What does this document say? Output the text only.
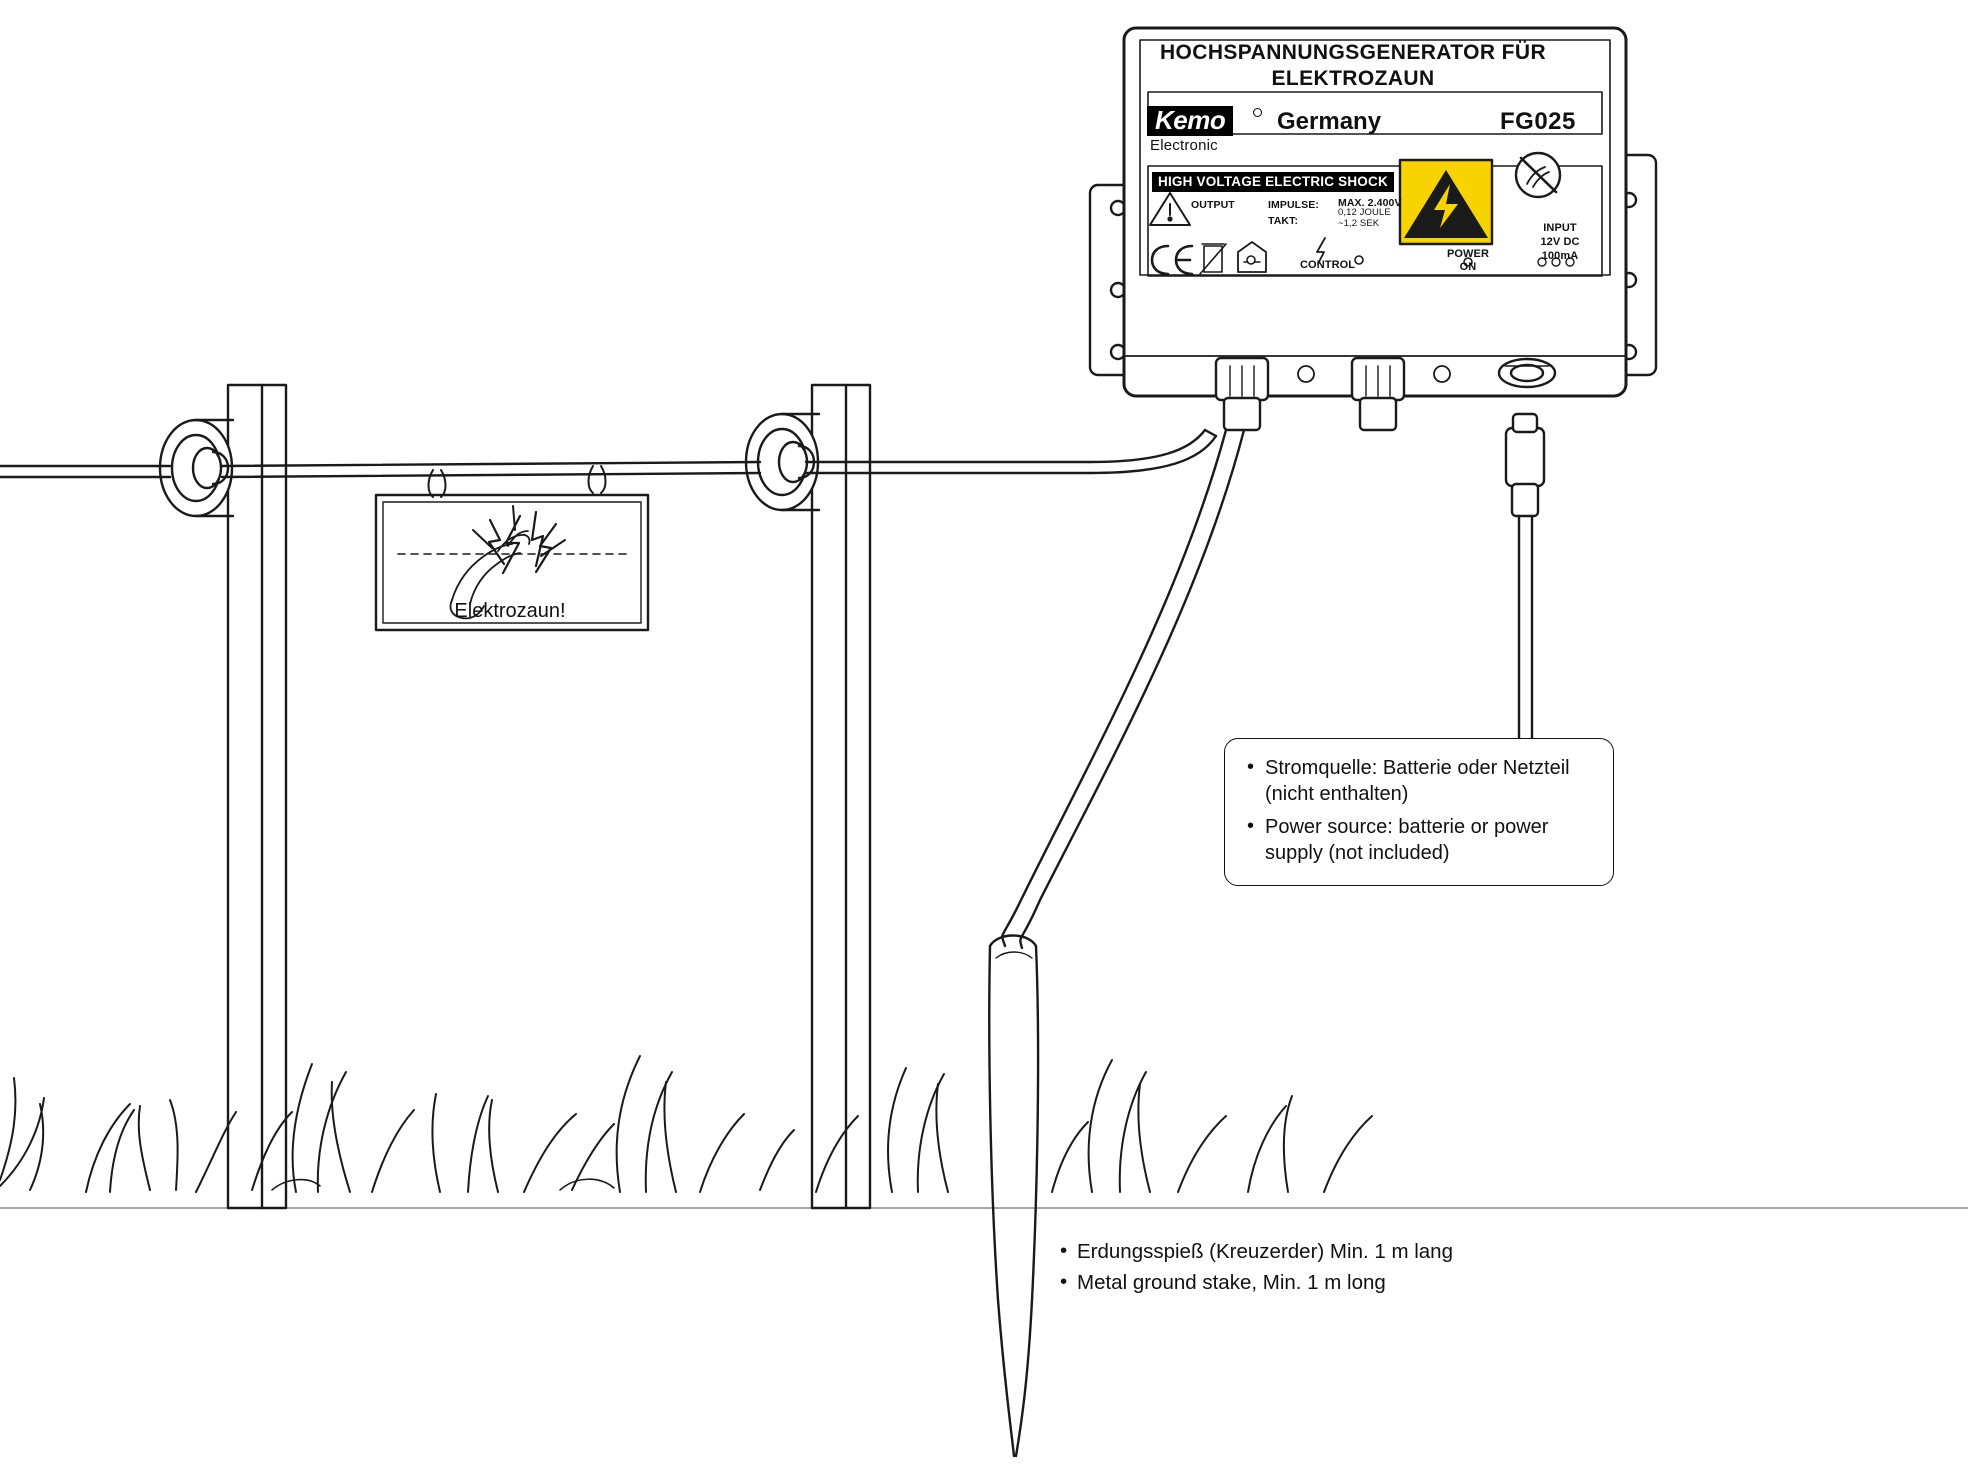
HOCHSPANNUNGSGENERATOR FÜR
ELEKTROZAUN
Kemo
Electronic
Germany	FG025
HIGH VOLTAGE ELECTRIC SHOCK
OUTPUT	IMPULSE:
TAKT:
MAX. 2.400V
0,12 JOULE
~1,2 SEK
CONTROL
POWER ON
INPUT
12V DC
100mA
Elektrozaun!
• Stromquelle: Batterie oder Netzteil (nicht enthalten)
• Power source: batterie or power supply (not included)
• Erdungsspieß (Kreuzerder) Min. 1 m lang
• Metal ground stake, Min. 1 m long
